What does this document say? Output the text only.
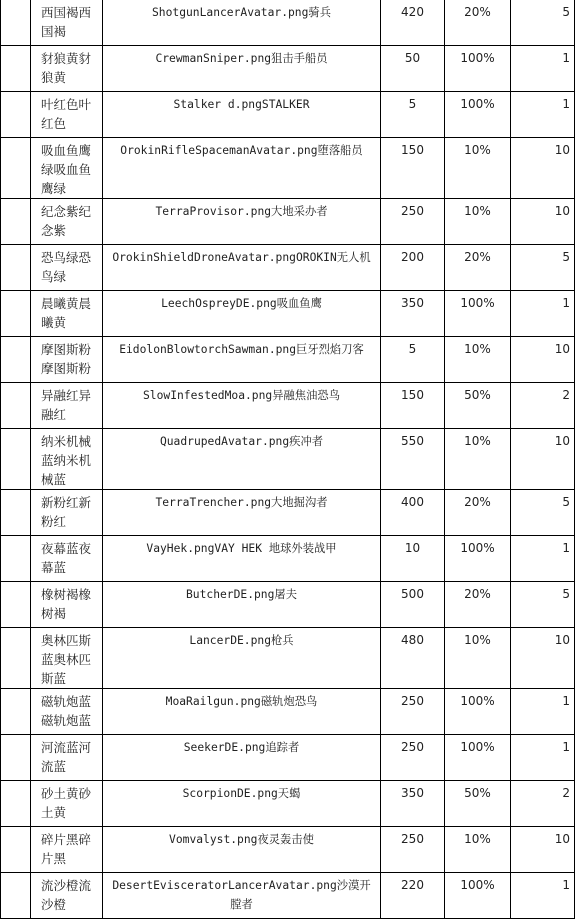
	西国褐西国褐	ShotgunLancerAvatar.png骑兵	420	20%	5
	豺狼黄豺狼黄	CrewmanSniper.png狙击手船员	50	100%	1
	叶红色叶红色	Stalker d.pngSTALKER	5	100%	1
	吸血鱼鹰绿吸血鱼鹰绿	OrokinRifleSpacemanAvatar.png堕落船员	150	10%	10
	纪念紫纪念紫	TerraProvisor.png大地采办者	250	10%	10
	恐鸟绿恐鸟绿	OrokinShieldDroneAvatar.pngOROKIN无人机	200	20%	5
	晨曦黄晨曦黄	LeechOspreyDE.png吸血鱼鹰	350	100%	1
	摩图斯粉摩图斯粉	EidolonBlowtorchSawman.png巨牙烈焰刀客	5	10%	10
	异融红异融红	SlowInfestedMoa.png异融焦油恐鸟	150	50%	2
	纳米机械蓝纳米机械蓝	QuadrupedAvatar.png疾冲者	550	10%	10
	新粉红新粉红	TerraTrencher.png大地掘沟者	400	20%	5
	夜幕蓝夜幕蓝	VayHek.pngVAY HEK 地球外装战甲	10	100%	1
	橡树褐橡树褐	ButcherDE.png屠夫	500	20%	5
	奥林匹斯蓝奥林匹斯蓝	LancerDE.png枪兵	480	10%	10
	磁轨炮蓝磁轨炮蓝	MoaRailgun.png磁轨炮恐鸟	250	100%	1
	河流蓝河流蓝	SeekerDE.png追踪者	250	100%	1
	砂土黄砂土黄	ScorpionDE.png天蝎	350	50%	2
	碎片黑碎片黑	Vomvalyst.png夜灵轰击使	250	10%	10
	流沙橙流沙橙	DesertEvisceratorLancerAvatar.png沙漠开膛者	220	100%	1
